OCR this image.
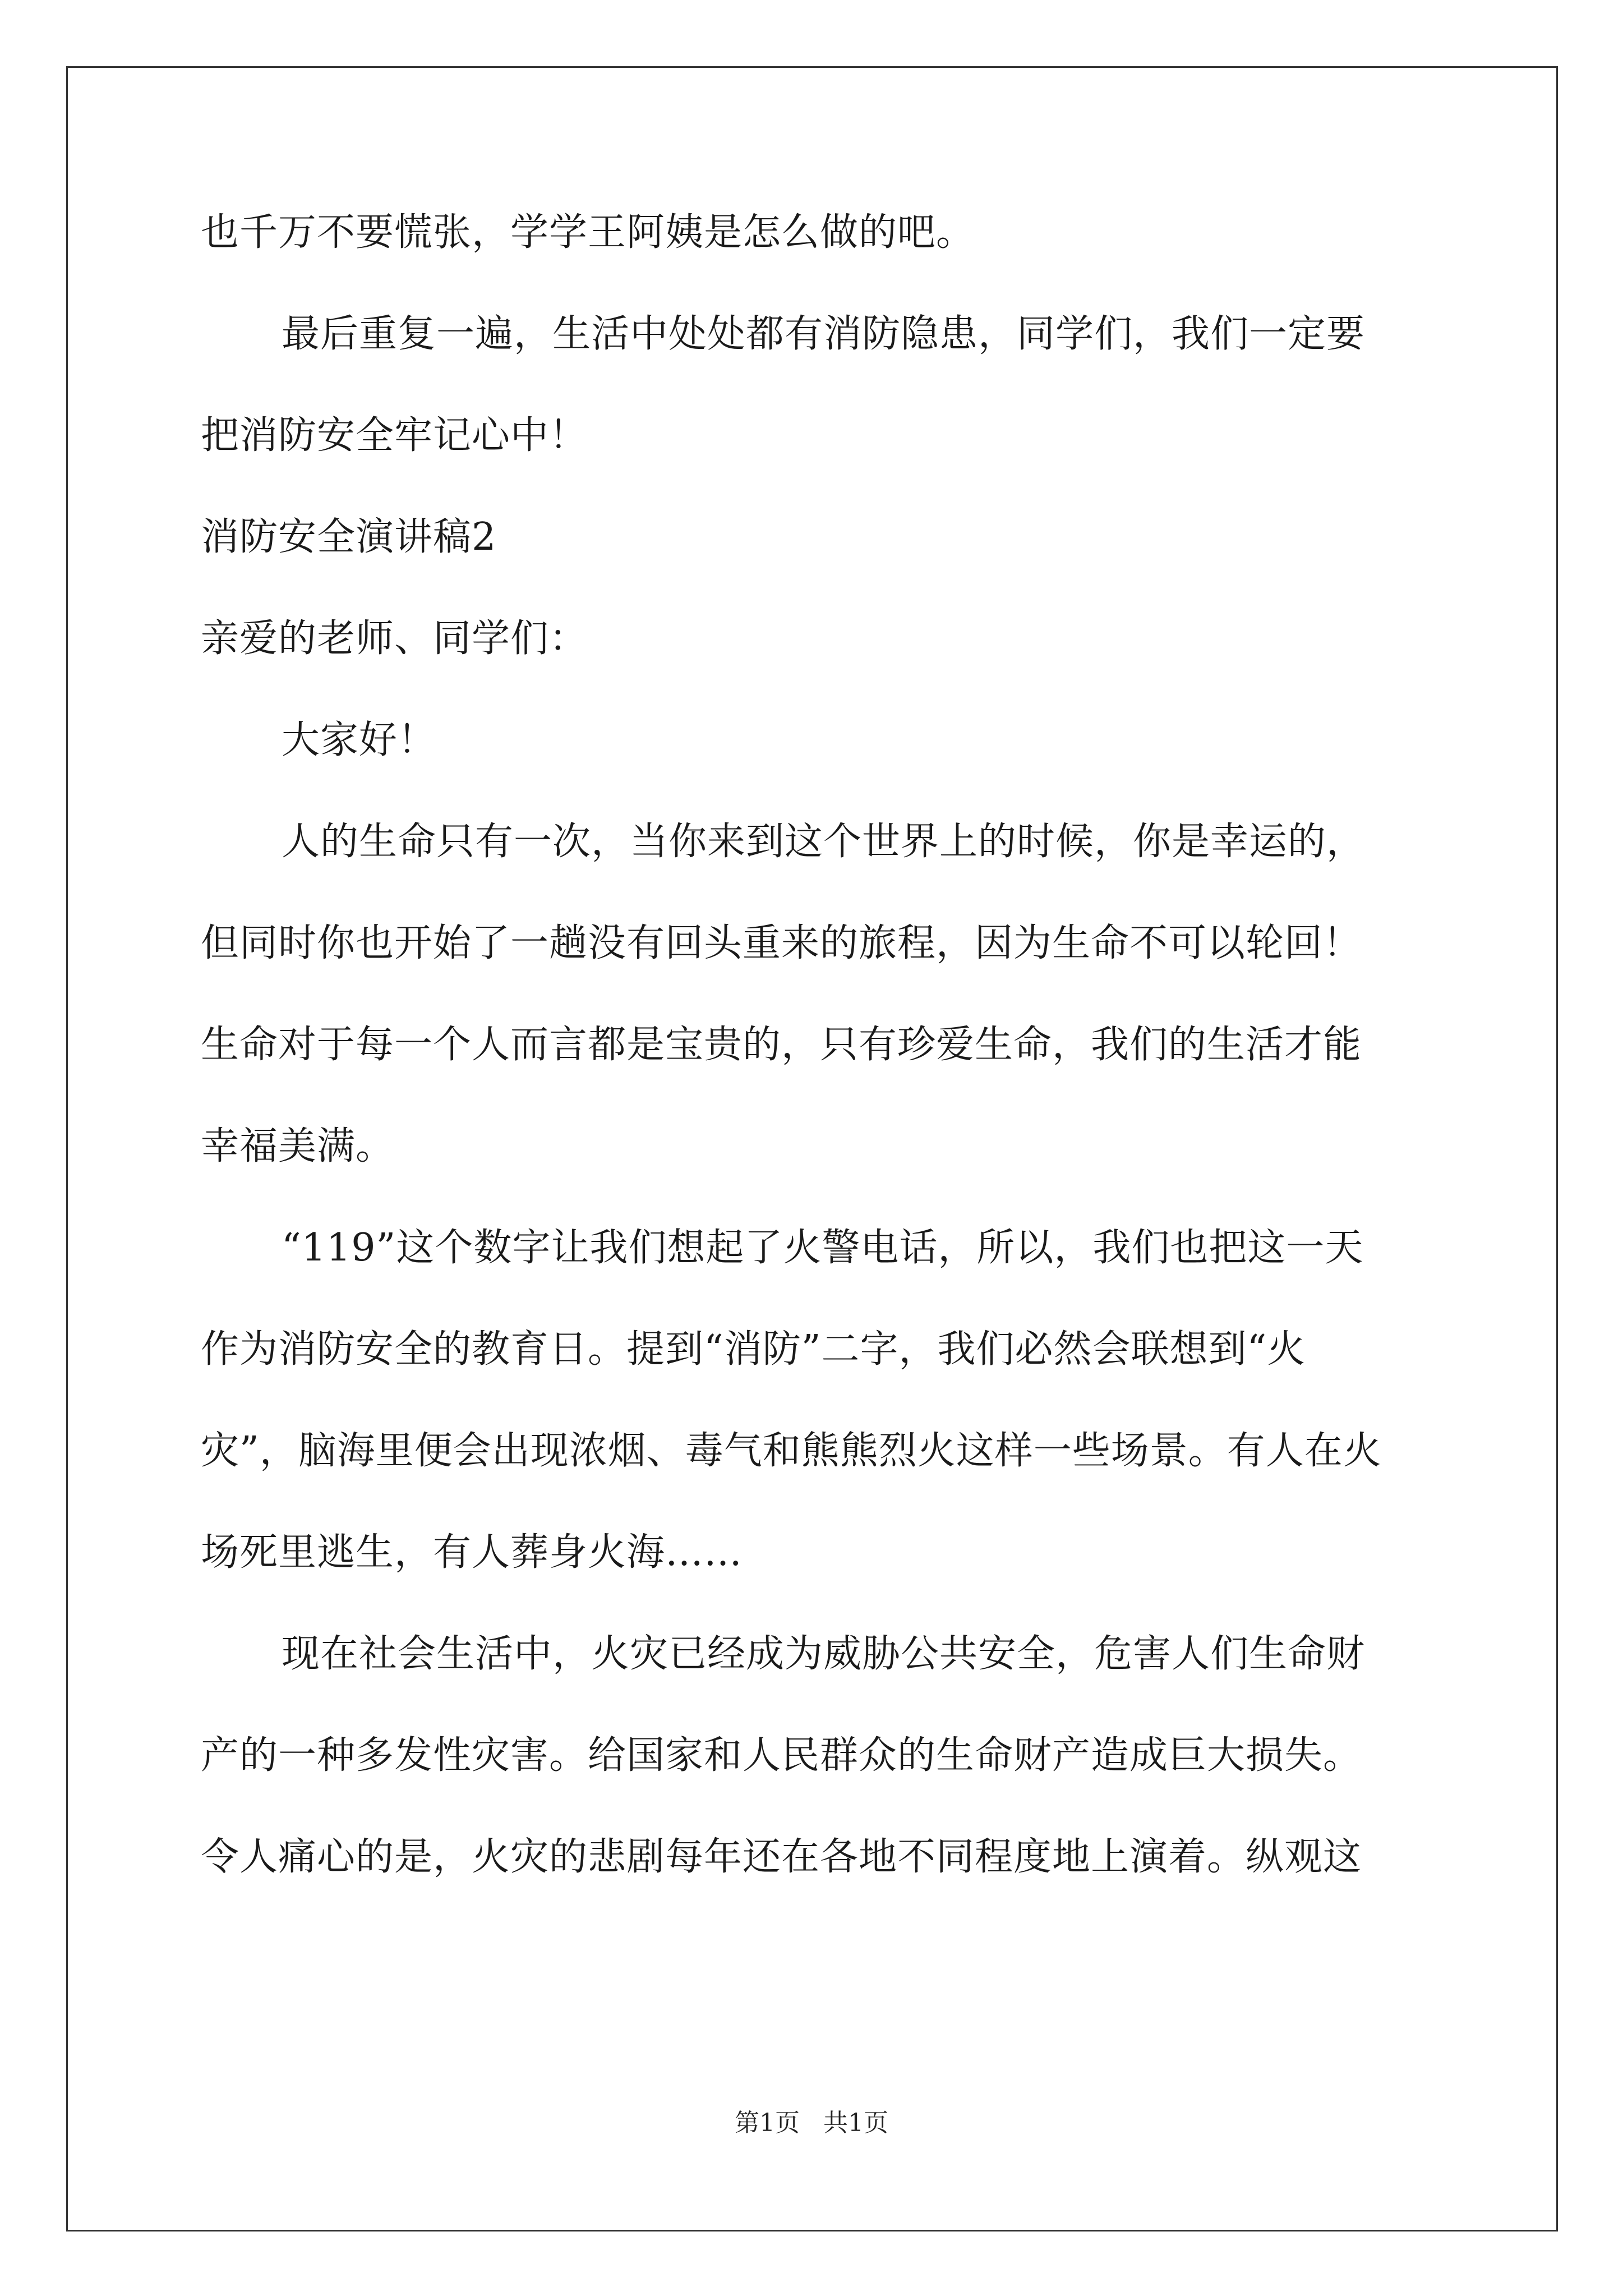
也千万不要慌张，学学王阿姨是怎么做的吧。
最后重复一遍，生活中处处都有消防隐患，同学们，我们一定要
把消防安全牢记心中！
消防安全演讲稿2
亲爱的老师、同学们：
大家好！
人的生命只有一次，当你来到这个世界上的时候，你是幸运的，
但同时你也开始了一趟没有回头重来的旅程，因为生命不可以轮回！
生命对于每一个人而言都是宝贵的，只有珍爱生命，我们的生活才能
幸福美满。
“119”这个数字让我们想起了火警电话，所以，我们也把这一天
作为消防安全的教育日。提到“消防”二字，我们必然会联想到“火
灾”，脑海里便会出现浓烟、毒气和熊熊烈火这样一些场景。有人在火
场死里逃生，有人葬身火海……
现在社会生活中，火灾已经成为威胁公共安全，危害人们生命财
产的一种多发性灾害。给国家和人民群众的生命财产造成巨大损失。
令人痛心的是，火灾的悲剧每年还在各地不同程度地上演着。纵观这
第1页 共1页
